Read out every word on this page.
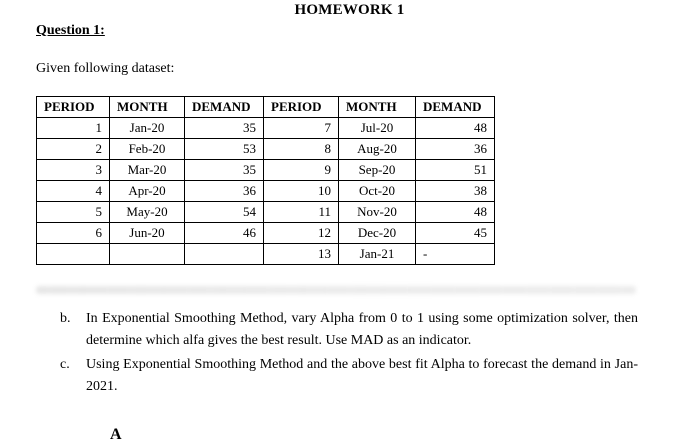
HOMEWORK 1
Question 1:
Given following dataset:
PERIOD	MONTH	DEMAND	PERIOD	MONTH	DEMAND
1	Jan-20	35	7	Jul-20	48
2	Feb-20	53	8	Aug-20	36
3	Mar-20	35	9	Sep-20	51
4	Apr-20	36	10	Oct-20	38
5	May-20	54	11	Nov-20	48
6	Jun-20	46	12	Dec-20	45
			13	Jan-21	-
b.	In Exponential Smoothing Method, vary Alpha from 0 to 1 using some optimization solver, then determine which alfa gives the best result. Use MAD as an indicator.
c.	Using Exponential Smoothing Method and the above best fit Alpha to forecast the demand in Jan-2021.
A
